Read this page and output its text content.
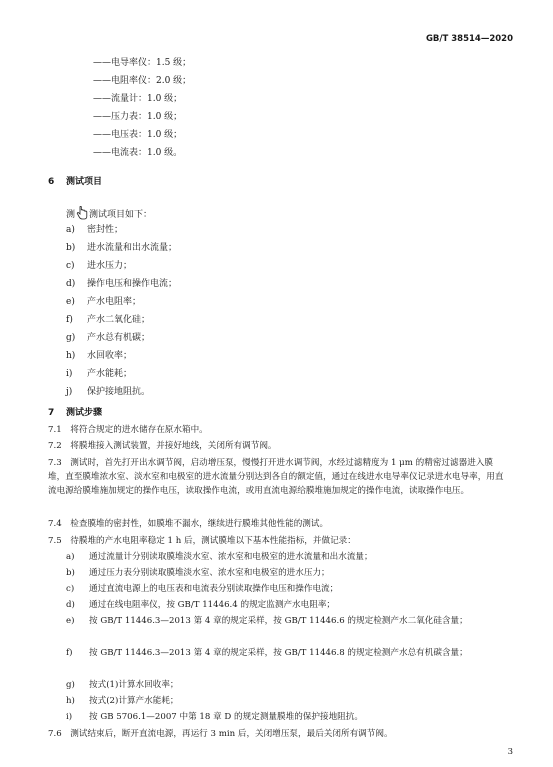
GB/T 38514—2020
——电导率仪：1.5 级；
——电阻率仪：2.0 级；
——流量计：1.0 级；
——压力表：1.0 级；
——电压表：1.0 级；
——电流表：1.0 级。
6 测试项目
测 测试项目如下：
a) 密封性；
b) 进水流量和出水流量；
c) 进水压力；
d) 操作电压和操作电流；
e) 产水电阻率；
f) 产水二氧化硅；
g) 产水总有机碳；
h) 水回收率；
i) 产水能耗；
j) 保护接地阻抗。
7 测试步骤
7.1　将符合规定的进水储存在原水箱中。
7.2　将膜堆接入测试装置，并接好地线，关闭所有调节阀。
7.3　测试时，首先打开出水调节阀，启动增压泵，慢慢打开进水调节阀，水经过滤精度为 1 μm 的精密过滤器进入膜堆，直至膜堆浓水室、淡水室和电极室的进水流量分别达到各自的额定值，通过在线进水电导率仪记录进水电导率，用直流电源给膜堆施加规定的操作电压，读取操作电流，或用直流电源给膜堆施加规定的操作电流，读取操作电压。
7.4　检查膜堆的密封性，如膜堆不漏水，继续进行膜堆其他性能的测试。
7.5　待膜堆的产水电阻率稳定 1 h 后，测试膜堆以下基本性能指标，并做记录：
a) 通过流量计分别读取膜堆淡水室、浓水室和电极室的进水流量和出水流量；
b) 通过压力表分别读取膜堆淡水室、浓水室和电极室的进水压力；
c) 通过直流电源上的电压表和电流表分别读取操作电压和操作电流；
d) 通过在线电阻率仪，按 GB/T 11446.4 的规定监测产水电阻率；
e) 按 GB/T 11446.3—2013 第 4 章的规定采样，按 GB/T 11446.6 的规定检测产水二氧化硅含量；
f) 按 GB/T 11446.3—2013 第 4 章的规定采样，按 GB/T 11446.8 的规定检测产水总有机碳含量；
g) 按式(1)计算水回收率；
h) 按式(2)计算产水能耗；
i) 按 GB 5706.1—2007 中第 18 章 D 的规定测量膜堆的保护接地阻抗。
7.6　测试结束后，断开直流电源，再运行 3 min 后，关闭增压泵，最后关闭所有调节阀。
3
